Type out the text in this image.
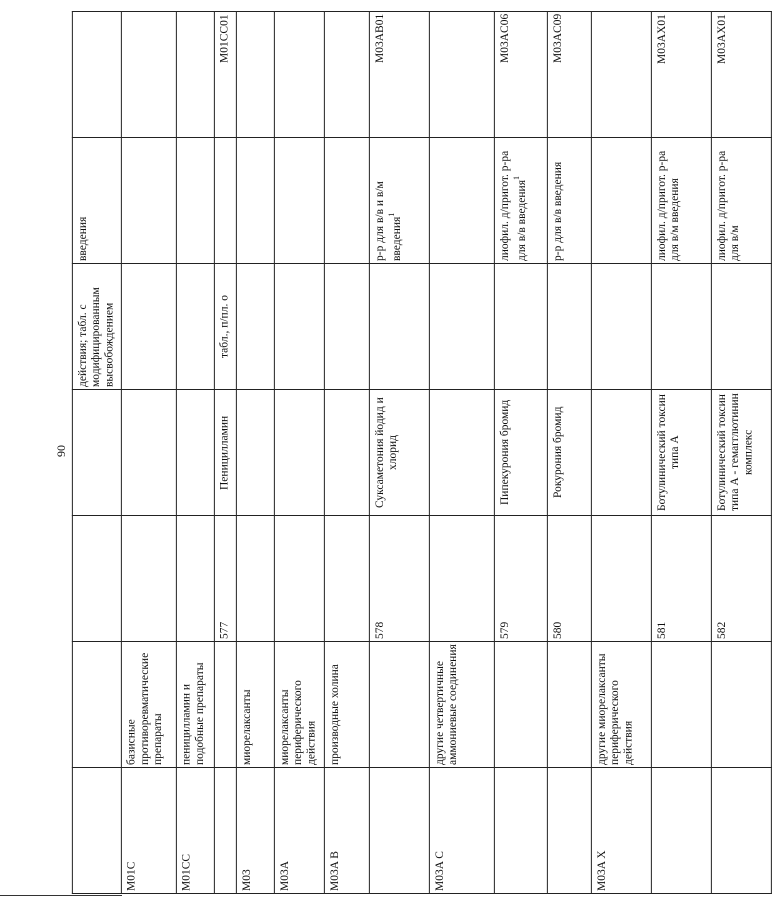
90
				действия; табл. с модифицированным высвобождением	введения	
M01C	базисные противоревматические препараты					
M01CC	пеницилламин и подобные препараты					
		577	Пеницилламин	табл., п/пл. о		M01CC01
M03	миорелаксанты					
M03A	миорелаксанты периферического действия					
M03A B	производные холина					
		578	Суксаметония йодид и хлорид		р-р для в/в и в/м введения$^1$	M03AB01
M03A C	другие четвертичные аммониевые соединения					
		579	Пипекурония бромид		лиофил. д/пригот. р-ра для в/в введения$^1$	M03AC06
		580	Рокурония бромид		р-р для в/в введения	M03AC09
M03A X	другие миорелаксанты периферического действия					
		581	Ботулинический токсин типа А		лиофил. д/пригот. р-ра для в/м введения	M03AX01
		582	Ботулинический токсин типа А - гемагглютинин комплекс		лиофил. д/пригот. р-ра для в/м	M03AX01
